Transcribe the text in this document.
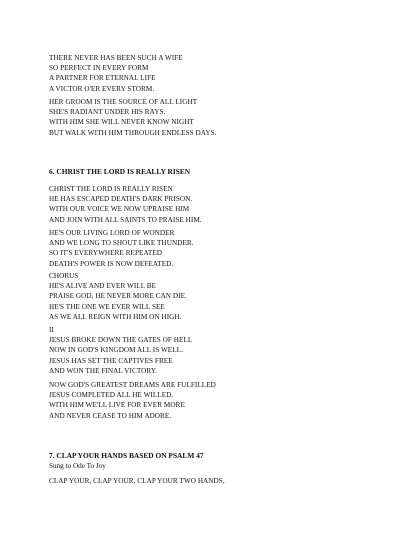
THERE NEVER HAS BEEN SUCH A WIFE
SO PERFECT IN EVERY FORM
A PARTNER FOR ETERNAL LIFE
A VICTOR O'ER EVERY STORM.
HER GROOM IS THE SOURCE OF ALL LIGHT
SHE'S RADIANT UNDER HIS RAYS.
WITH HIM SHE WILL NEVER KNOW NIGHT
BUT WALK WITH HIM THROUGH ENDLESS DAYS.
6. CHRIST THE LORD IS REALLY RISEN
CHRIST THE LORD IS REALLY RISEN
HE HAS ESCAPED DEATH'S DARK PRISON.
WITH OUR VOICE WE NOW UPRAISE HIM
AND JOIN WITH ALL SAINTS TO PRAISE HIM.
HE'S OUR LIVING LORD OF WONDER
AND WE LONG TO SHOUT LIKE THUNDER.
SO IT'S EVERYWHERE REPEATED
DEATH'S POWER IS NOW DEFEATED.
CHORUS
HE'S ALIVE AND EVER WILL BE
PRAISE GOD, HE NEVER MORE CAN DIE.
HE'S THE ONE WE EVER WILL SEE
AS WE ALL REIGN WITH HIM ON HIGH.
II
JESUS BROKE DOWN THE GATES OF HELL
NOW IN GOD'S KINGDOM ALL IS WELL.
JESUS HAS SET THE CAPTIVES FREE
AND WON THE FINAL VICTORY.
NOW GOD'S GREATEST DREAMS ARE FULFILLED
JESUS COMPLETED ALL HE WILLED.
WITH HIM WE'LL LIVE FOR EVER MORE
AND NEVER CEASE TO HIM ADORE.
7. CLAP YOUR HANDS BASED ON PSALM 47
Sung to Ode To Joy
CLAP YOUR, CLAP YOUR, CLAP YOUR TWO HANDS,
